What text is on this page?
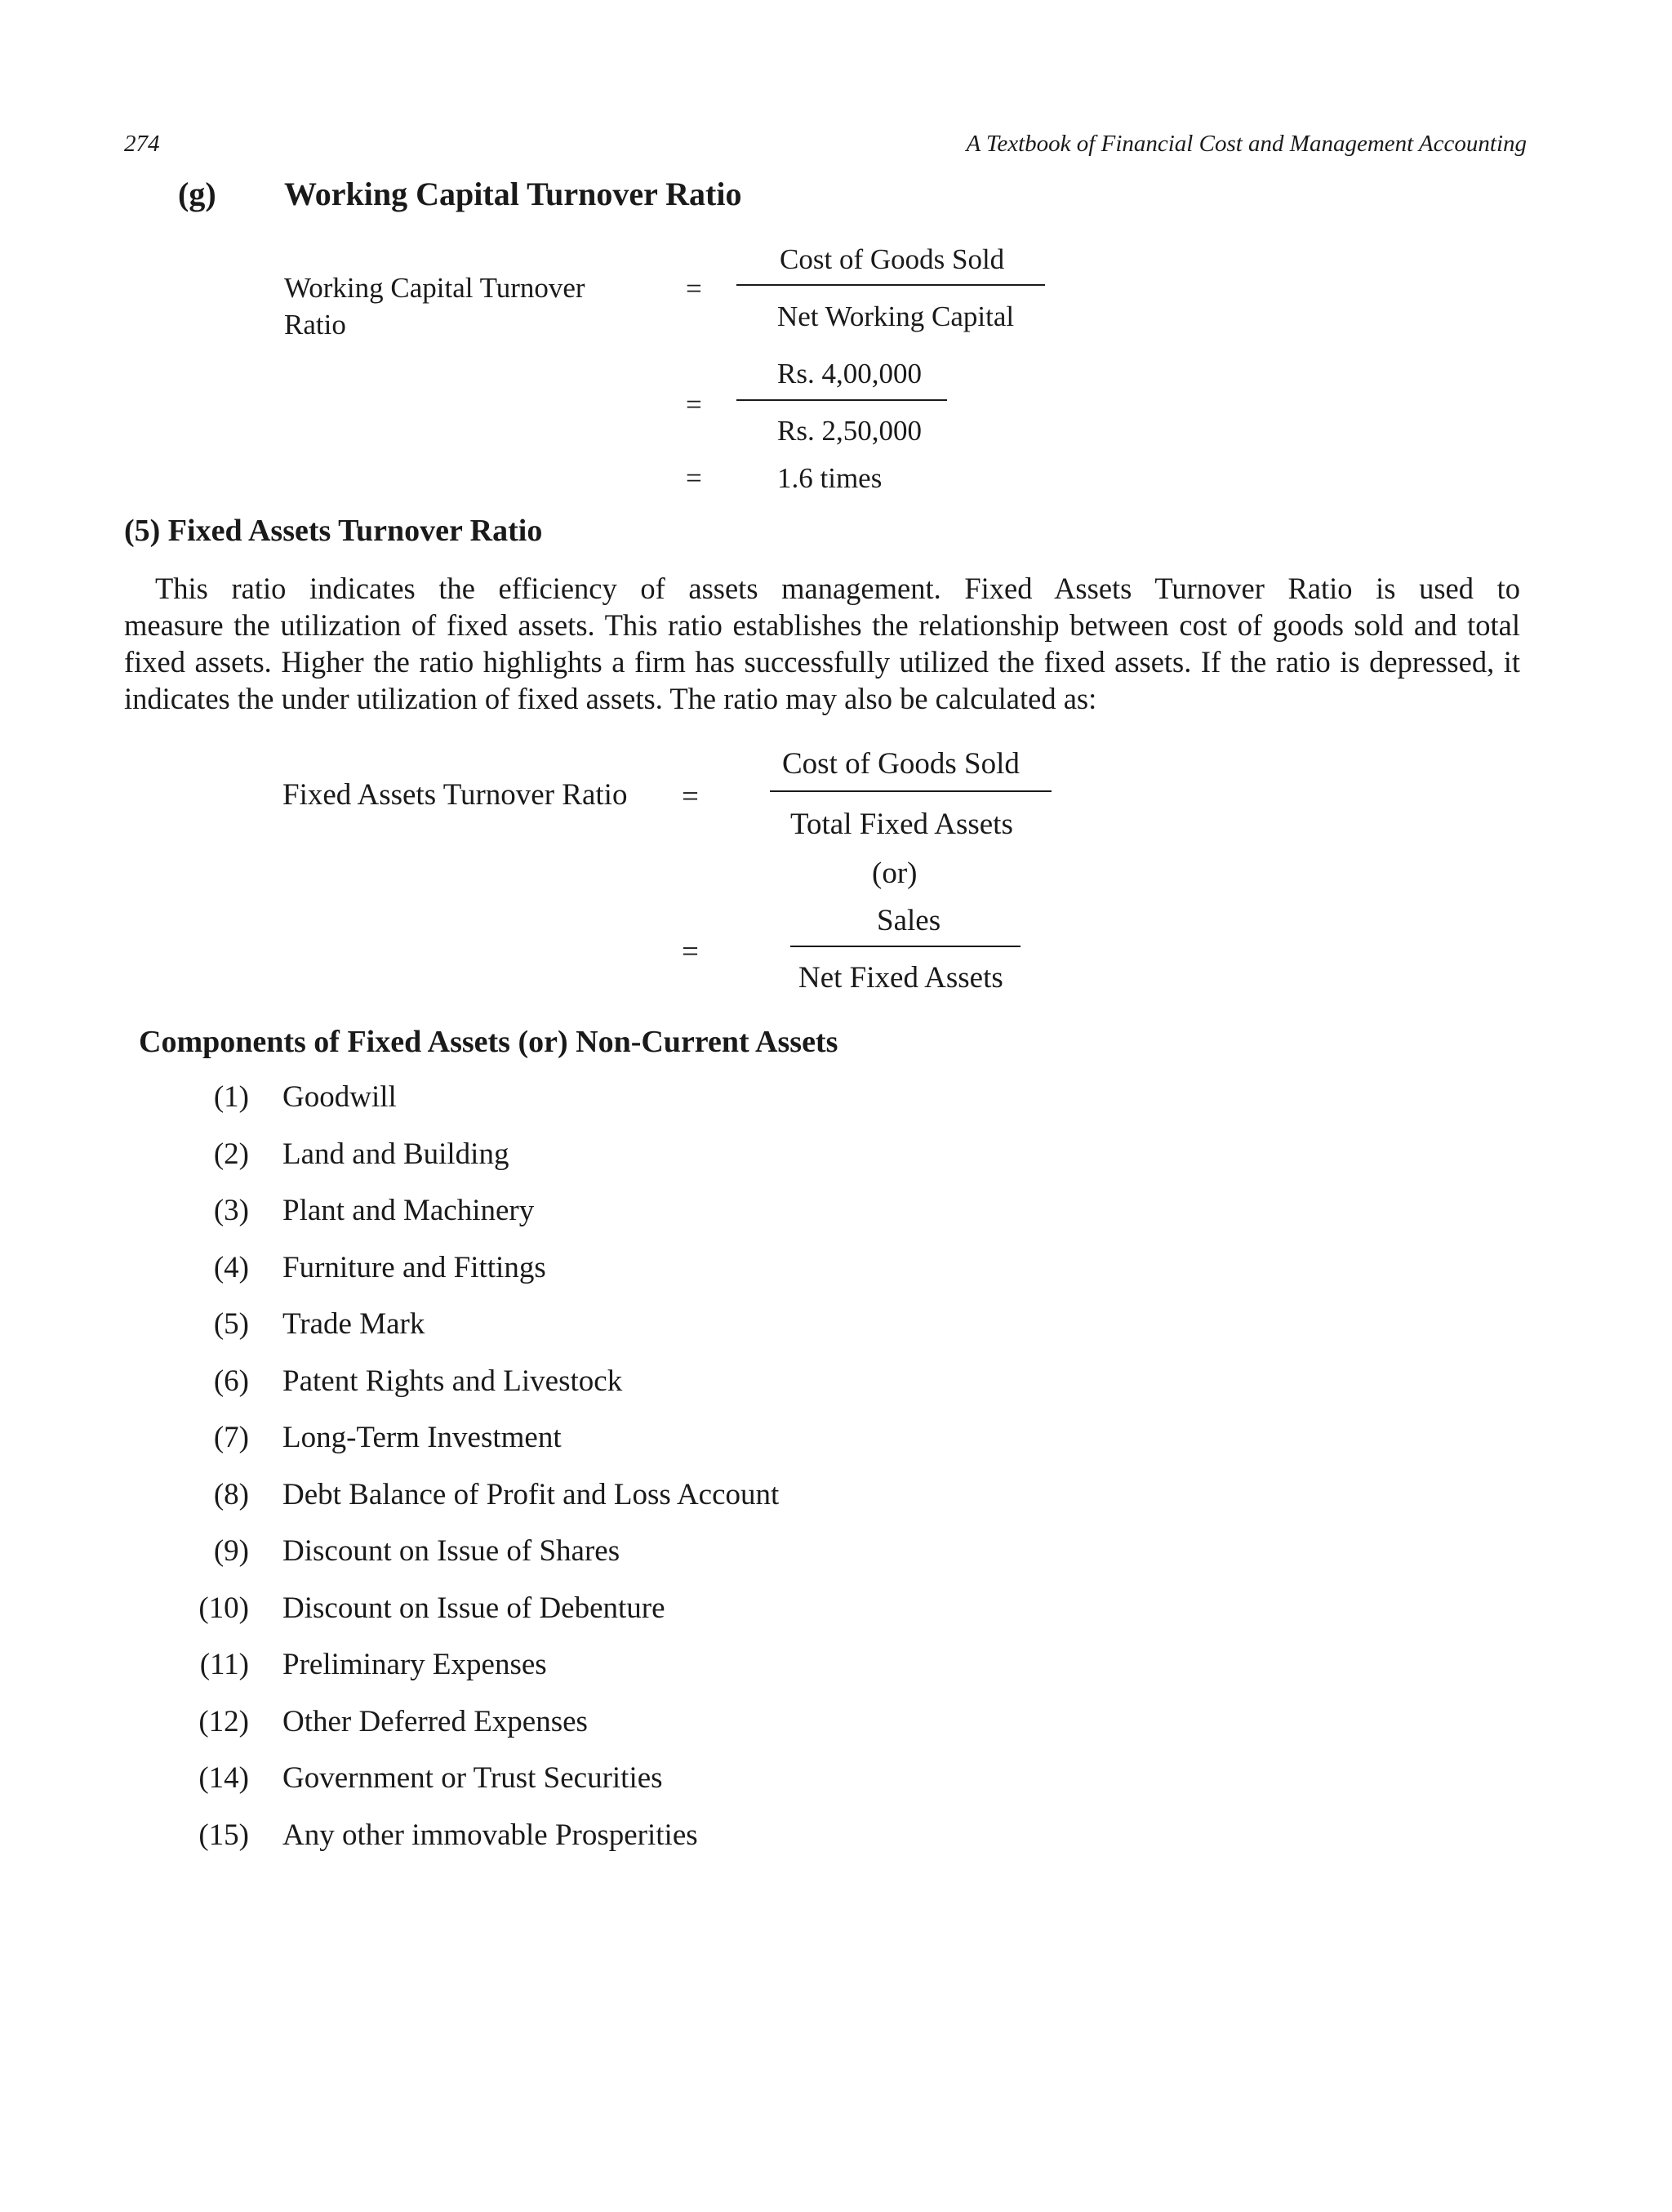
274	A Textbook of Financial Cost and Management Accounting
(g) Working Capital Turnover Ratio
Working Capital Turnover Ratio
=
Cost of Goods Sold
Net Working Capital
=
Rs. 4,00,000
Rs. 2,50,000
=	1.6 times
(5) Fixed Assets Turnover Ratio
This ratio indicates the efficiency of assets management. Fixed Assets Turnover Ratio is used to
measure the utilization of fixed assets. This ratio establishes the relationship between cost of goods sold and total fixed assets. Higher the ratio highlights a firm has successfully utilized the fixed assets. If the ratio is depressed, it indicates the under utilization of fixed assets. The ratio may also be calculated as:
Fixed Assets Turnover Ratio =
Cost of Goods Sold
Total Fixed Assets
(or)
=
Sales
Net Fixed Assets
Components of Fixed Assets (or) Non-Current Assets
(1) Goodwill
(2) Land and Building
(3) Plant and Machinery
(4) Furniture and Fittings
(5) Trade Mark
(6) Patent Rights and Livestock
(7) Long-Term Investment
(8) Debt Balance of Profit and Loss Account
(9) Discount on Issue of Shares
(10) Discount on Issue of Debenture
(11) Preliminary Expenses
(12) Other Deferred Expenses
(14) Government or Trust Securities
(15) Any other immovable Prosperities
